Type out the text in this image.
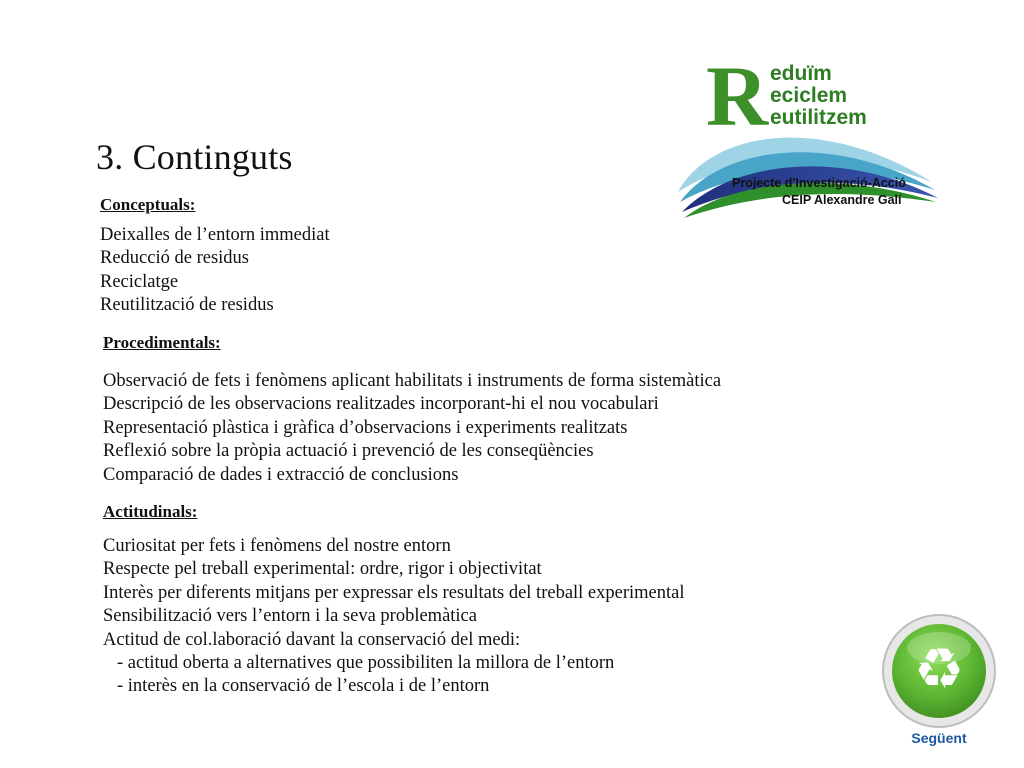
R eduïm
eciclem
eutilitzem
Projecte d'Investigació-Acció
CEIP Alexandre Galí
3. Continguts
Conceptuals:
Deixalles de l’entorn immediat
Reducció de residus
Reciclatge
Reutilització de residus
Procedimentals:
Observació de fets i fenòmens aplicant habilitats i instruments de forma sistemàtica
Descripció de les observacions realitzades incorporant-hi el nou vocabulari
Representació plàstica i gràfica d’observacions i experiments realitzats
Reflexió sobre la pròpia actuació i prevenció de les conseqüències
Comparació de dades i extracció de conclusions
Actitudinals:
Curiositat per fets i fenòmens del nostre entorn
Respecte pel treball experimental: ordre, rigor i objectivitat
Interès per diferents mitjans per expressar els resultats del treball experimental
Sensibilització vers l’entorn i la seva problemàtica
Actitud de col.laboració davant la conservació del medi:
- actitud oberta a alternatives que possibiliten la millora de l’entorn
- interès en la conservació de l’escola i de l’entorn	♻
Següent
